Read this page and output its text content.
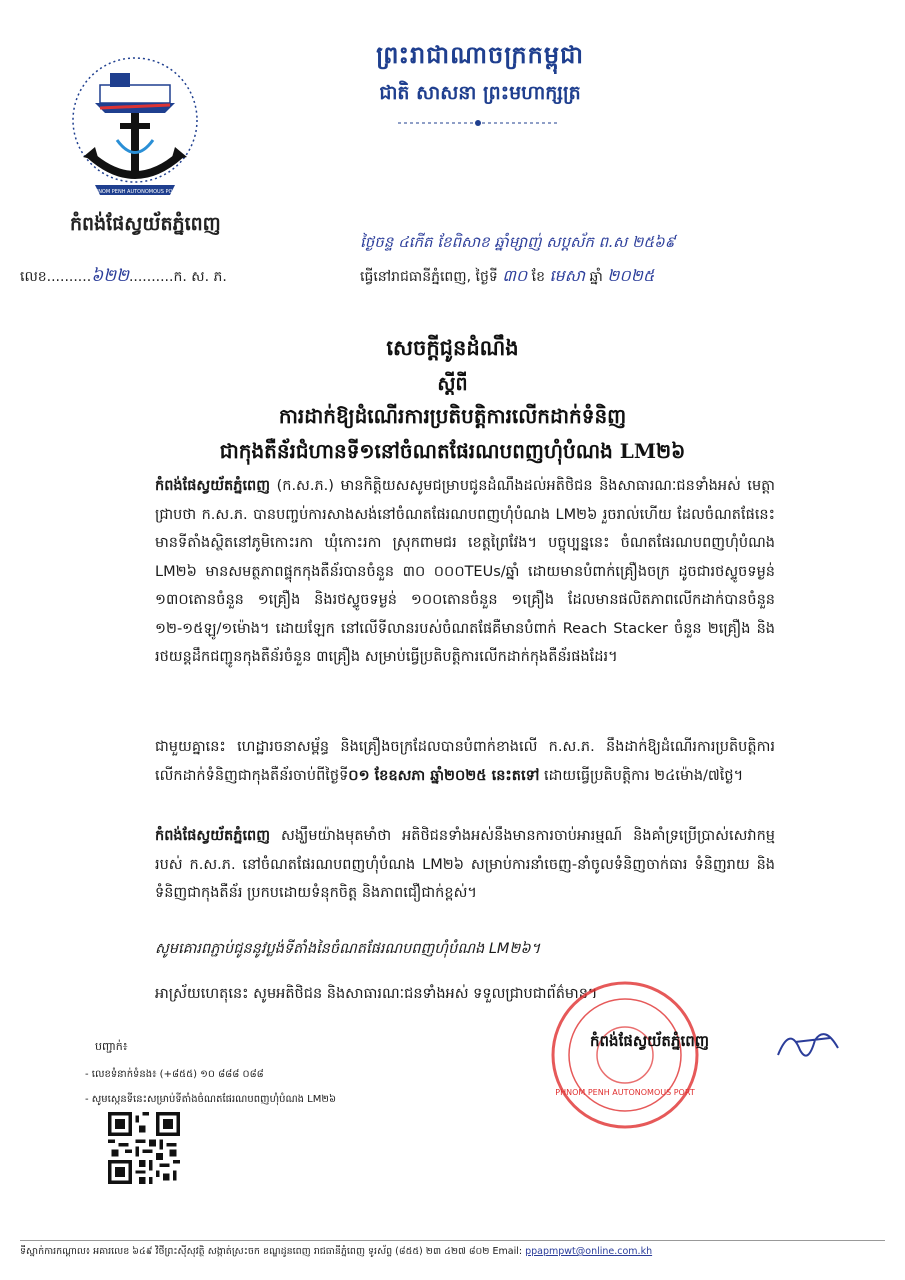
ព្រះរាជាណាចក្រកម្ពុជា
ជាតិ សាសនា ព្រះមហាក្សត្រ
PHNOM PENH AUTONOMOUS PORT
កំពង់ផែស្វយ័តភ្នំពេញ
លេខ..........៦២២..........ក. ស. ភ.
ថ្ងៃចន្ទ ៤កើត ខែពិសាខ ឆ្នាំម្សាញ់ សប្តស័ក ព.ស ២៥៦៩
ធ្វើនៅរាជធានីភ្នំពេញ, ថ្ងៃទី ៣០ ខែ មេសា ឆ្នាំ ២០២៥
សេចក្តីជូនដំណឹង
ស្តីពី
ការដាក់ឱ្យដំណើរការប្រតិបត្តិការលើកដាក់ទំនិញ
ជាកុងតឺន័រជំហានទី១នៅចំណតផែរណបពញហុំបំណង LM២៦
កំពង់ផែស្វយ័តភ្នំពេញ (ក.ស.ភ.) មានកិត្តិយសសូមជម្រាបជូនដំណឹងដល់អតិថិជន និងសាធារណៈជនទាំងអស់ មេត្តាជ្រាបថា ក.ស.ភ. បានបញ្ចប់ការសាងសង់នៅចំណតផែរណបពញហុំបំណង LM២៦ រួចរាល់ហើយ ដែលចំណតផែនេះមានទីតាំងស្ថិតនៅភូមិកោះរកា ឃុំកោះរកា ស្រុកពាមជរ ខេត្តព្រៃវែង។ បច្ចុប្បន្ននេះ ចំណតផែរណបពញហុំបំណង LM២៦ មានសមត្ថភាពផ្ទុកកុងតឺន័របានចំនួន ៣០ ០០០TEUs/ឆ្នាំ ដោយមានបំពាក់គ្រឿងចក្រ ដូចជារថស្ទូចទម្ងន់ ១៣០តោនចំនួន ១គ្រឿង និងរថស្ទូចទម្ងន់ ១០០តោនចំនួន ១គ្រឿង ដែលមានផលិតភាពលើកដាក់បានចំនួន ១២-១៥ឡូ/១ម៉ោង។ ដោយឡែក នៅលើទីលានរបស់ចំណតផែគឺមានបំពាក់ Reach Stacker ចំនួន ២គ្រឿង និងរថយន្តដឹកជញ្ជូនកុងតឺន័រចំនួន ៣គ្រឿង សម្រាប់ធ្វើប្រតិបត្តិការលើកដាក់កុងតឺន័រផងដែរ។
ជាមួយគ្នានេះ ហេដ្ឋារចនាសម្ព័ន្ធ និងគ្រឿងចក្រដែលបានបំពាក់ខាងលើ ក.ស.ភ. នឹងដាក់ឱ្យដំណើរការប្រតិបត្តិការលើកដាក់ទំនិញជាកុងតឺន័រចាប់ពីថ្ងៃទី០១ ខែឧសភា ឆ្នាំ២០២៥ នេះតទៅ ដោយធ្វើប្រតិបត្តិការ ២៤ម៉ោង/៧ថ្ងៃ។
កំពង់ផែស្វយ័តភ្នំពេញ សង្ឃឹមយ៉ាងមុតមាំថា អតិថិជនទាំងអស់នឹងមានការចាប់អារម្មណ៍ និងគាំទ្រប្រើប្រាស់សេវាកម្មរបស់ ក.ស.ភ. នៅចំណតផែរណបពញហុំបំណង LM២៦ សម្រាប់ការនាំចេញ-នាំចូលទំនិញចាក់ធារ ទំនិញរាយ និងទំនិញជាកុងតឺន័រ ប្រកបដោយទំនុកចិត្ត និងភាពជឿជាក់ខ្ពស់។
សូមគោរពភ្ជាប់ជូននូវប្លង់ទីតាំងនៃចំណតផែរណបពញហុំបំណង LM២៦។
អាស្រ័យហេតុនេះ សូមអតិថិជន និងសាធារណៈជនទាំងអស់ ទទួលជ្រាបជាព័ត៌មាន។
PHNOM PENH AUTONOMOUS PORT
កំពង់ផែស្វយ័តភ្នំពេញ
បញ្ជាក់៖
- លេខទំនាក់ទំនង៖ (+៨៥៥) ១០ ៨៨៨ ០៨៨
- សូមស្កេនទីនេះសម្រាប់ទីតាំងចំណតផែរណបពញហុំបំណង LM២៦
ទីស្នាក់ការកណ្តាល៖ អគារលេខ ៦៤៩ វិថីព្រះស៊ីសុវត្ថិ សង្កាត់ស្រះចក ខណ្ឌដូនពេញ រាជធានីភ្នំពេញ ទូរស័ព្ទ (៨៥៥) ២៣ ៤២៧ ៨០២ Email: ppapmpwt@online.com.kh
